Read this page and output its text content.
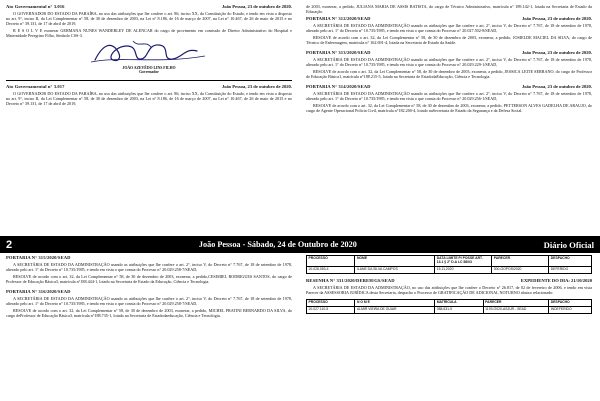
Ato Governamental n° 3.016	João Pessoa, 23 de outubro de 2020.

O GOVERNADOR DO ESTADO DA PARAÍBA, no uso das atribuições que lhe confere o art. 86, inciso XX, da Constituição do Estado, e tendo em vista o disposto no art. 9°, inciso II, da Lei Complementar n° 58, de 30 de dezembro de 2003, na Lei n° 8.186, de 16 de março de 2007, na Lei n° 10.467, de 26 de maio de 2015 e no Decreto n° 39.131, de 17 de abril de 2019,

R E S O L V E exonerar GERMANA NUNES WANDERLEY DE ALENCAR do cargo de provimento em comissão de Diretor Administrativo do Hospital e Maternidade Peregrino Filho, Símbolo CSS-3.

JOÃO AZEVÊDO LINS FILHO
Governador
Ato Governamental n° 3.017	João Pessoa, 23 de outubro de 2020.

O GOVERNADOR DO ESTADO DA PARAÍBA, no uso das atribuições que lhe confere o art. 86, inciso XX, da Constituição do Estado, e tendo em vista o disposto no art. 9°, inciso II, da Lei Complementar n° 58, de 30 de dezembro de 2003, na Lei n° 8.186, de 16 de março de 2007, na Lei n° 10.467, de 26 de maio de 2015 e no Decreto n° 39.131, de 17 de abril de 2019,

de 2003, exonerar, a pedido, JULIANA MARIA DE ASSIS BATISTA, do cargo de Técnico Administrativo, matrícula n° 189.142-1, lotada na Secretaria de Estado da Educação.

PORTARIA N° 312/2020/SEAD	João Pessoa, 23 de outubro de 2020.

A SECRETÁRIA DE ESTADO DA ADMINISTRAÇÃO usando as atribuições que lhe confere o art. 2°, inciso V, do Decreto n° 7.767, de 18 de setembro de 1978, alterado pelo art. 1° do Decreto n° 10.735/1985, e tendo em vista o que consta do Processo n° 20.027.502-8/SEAD,

RESOLVE de acordo com o art. 32, da Lei Complementar n° 58, de 30 de dezembro de 2003, exonerar, a pedido, JOSIELDE MACIEL DA SILVA, do cargo de Técnico de Enfermagem, matrícula n° 162.691-4, lotada na Secretaria de Estado da Saúde.

PORTARIA N° 313/2020/SEAD	João Pessoa, 23 de outubro de 2020.

A SECRETÁRIA DE ESTADO DA ADMINISTRAÇÃO usando as atribuições que lhe confere o art. 2°, inciso V, do Decreto n° 7.767, de 18 de setembro de 1978, alterado pelo art. 1° do Decreto n° 10.735/1985, e tendo em vista o que consta do Processo n° 20.029.229-1/SEAD,

RESOLVE de acordo com o art. 32, da Lei Complementar n° 58, de 30 de dezembro de 2003, exonerar, a pedido, JESSICA LEITE SERRANO, do cargo de Professor de Educação Básica1, matrícula n°188.215-5, lotada na Secretaria de EstadodaEducação, Ciência e Tecnologia.

PORTARIA N° 314/2020/SEAD	João Pessoa, 23 de outubro de 2020.

A SECRETÁRIA DE ESTADO DA ADMINISTRAÇÃO usando as atribuições que lhe confere o art. 2°, inciso V, do Decreto n° 7.767, de 18 de setembro de 1978, alterado pelo art. 1° do Decreto n° 10.735/1985, e tendo em vista o que consta do Processo n° 20.029.256-1/SEAD,

RESOLVE de acordo com o art. 32, da Lei Complementar n° 58, de 30 de dezembro de 2003, exonerar, a pedido, PETTERSON ALVES GADELHA DE ARAUJO, do cargo de Agente Operacional Policia Civil, matrícula n°182.200-4, lotado naSecretaria de Estado da Segurança e da Defesa Social.

2	João Pessoa - Sábado, 24 de Outubro de 2020	Diário Oficial
PORTARIA N° 315/2020/SEAD

A SECRETÁRIA DE ESTADO DA ADMINISTRAÇÃO usando as atribuições que lhe confere o art. 2°, inciso V, do Decreto n° 7.767, de 18 de setembro de 1978, alterado pelo art. 1° do Decreto n° 10.735/1985, e tendo em vista o que consta do Processo n° 20.029.258-7/SEAD,

RESOLVE de acordo com o art. 32, da Lei Complementar n° 58, de 30 de dezembro de 2003, exonerar, a pedido,CESIMIEL RODRIGUES SANTOS, do cargo de Professor de Educação Básica3, matrícula n°188.444-1, lotado na Secretaria de Estado da Educação, Ciência e Tecnologia.

PORTARIA N° 316/2020/SEAD

A SECRETÁRIA DE ESTADO DA ADMINISTRAÇÃO usando as atribuições que lhe confere o art. 2°, inciso V, do Decreto n° 7.767, de 18 de setembro de 1978, alterado pelo art. 1° do Decreto n° 10.735/1985, e tendo em vista o que consta do Processo n° 20.029.258-7/SEAD,

RESOLVE de acordo com o art. 32, da Lei Complementar n° 58, de 30 de dezembro de 2003, exonerar, a pedido, MICHEL PRATINI BERNARDO DA SILVA, do cargo deProfessor de Educação Básica3, matrícula n°188.735-1, lotado na Secretaria de Estadodaeducação, Ciência e Tecnologia.

PROCESSO	NOME	DATA LIMITE P/ POSSE ART. 13.1 § 2° D.A LC 58/03	PARECER	DESPACHO
20.028.053-4	ILANE DA SILVA CAMPOS	15.11.2020	300-GOPOS/2020	DEFERIDO
RESENHA N° 331/2020/DEREH/GS/SEAD	EXPEDIENTE DO DIA: 21/10/2020

A SECRETÁRIA DE ESTADO DA ADMINISTRAÇÃO, no uso das atribuições que lhe confere o Decreto n° 26.817, de 02 de fevereiro de 2006, e tendo em vista Parecer da ASSESSORIA JURÍDICA desta Secretaria, despacho o Processo de GRATIFICAÇÃO DE ADICIONAL NOTURNO abaixo relacionado:

PROCESSO	N O M E	MATRÍCULA	PARECER	DESPACHO
20.027.110-5	ALMIR VIEIRA DE GUIAR	088.631-9	1193 /2020-ASJUR - SEAD	INDEFERIDO
